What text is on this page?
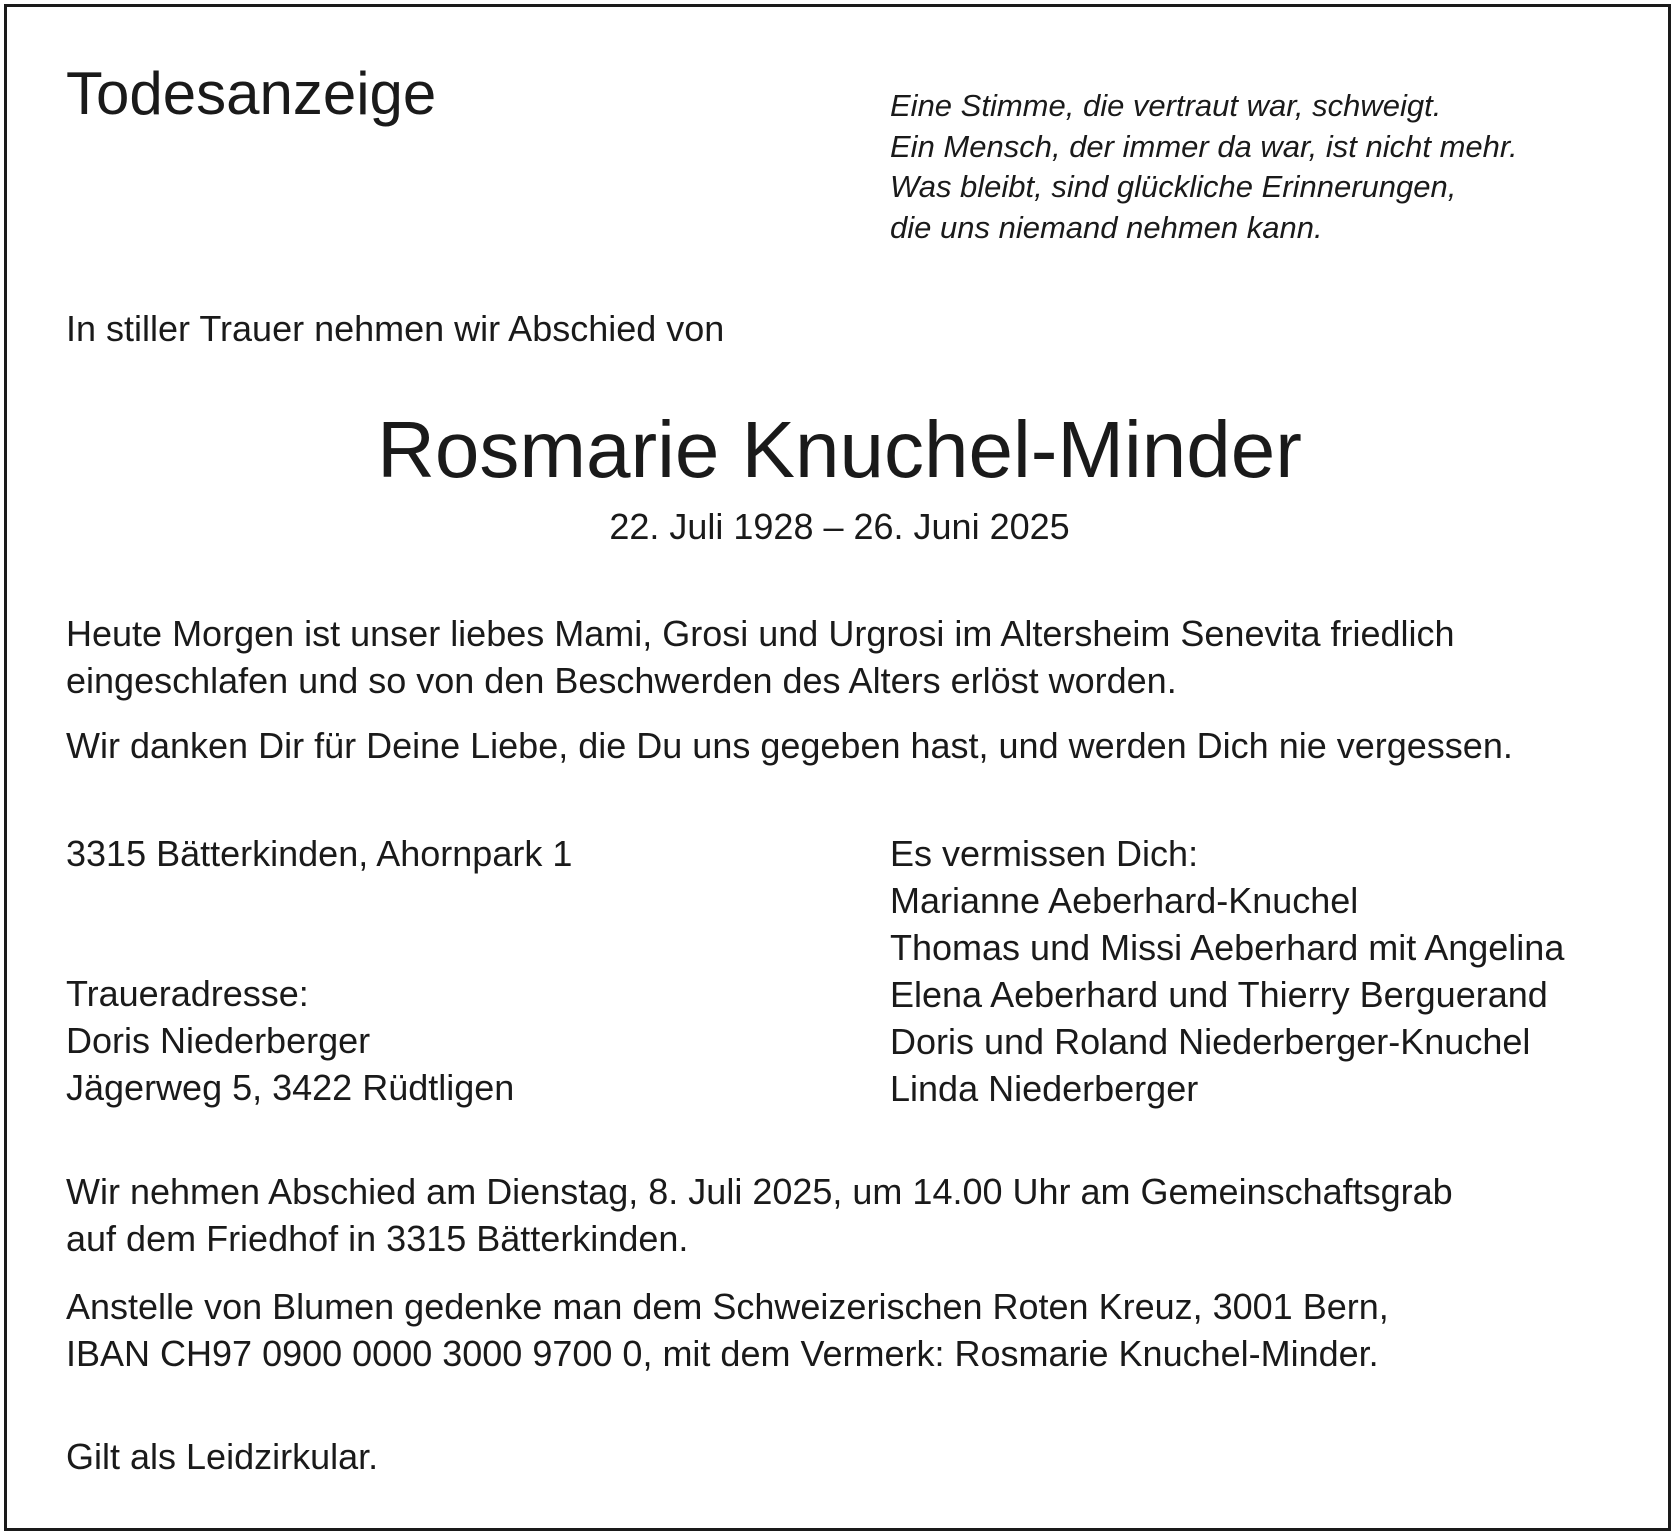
Todesanzeige	Eine Stimme, die vertraut war, schweigt.
Ein Mensch, der immer da war, ist nicht mehr.
Was bleibt, sind glückliche Erinnerungen,
die uns niemand nehmen kann.
In stiller Trauer nehmen wir Abschied von
Rosmarie Knuchel-Minder
22. Juli 1928 – 26. Juni 2025
Heute Morgen ist unser liebes Mami, Grosi und Urgrosi im Altersheim Senevita friedlich
eingeschlafen und so von den Beschwerden des Alters erlöst worden.
Wir danken Dir für Deine Liebe, die Du uns gegeben hast, und werden Dich nie vergessen.
3315 Bätterkinden, Ahornpark 1
Traueradresse:
Doris Niederberger
Jägerweg 5, 3422 Rüdtligen
Es vermissen Dich:
Marianne Aeberhard-Knuchel
Thomas und Missi Aeberhard mit Angelina
Elena Aeberhard und Thierry Berguerand
Doris und Roland Niederberger-Knuchel
Linda Niederberger
Wir nehmen Abschied am Dienstag, 8. Juli 2025, um 14.00 Uhr am Gemeinschaftsgrab
auf dem Friedhof in 3315 Bätterkinden.
Anstelle von Blumen gedenke man dem Schweizerischen Roten Kreuz, 3001 Bern,
IBAN CH97 0900 0000 3000 9700 0, mit dem Vermerk: Rosmarie Knuchel-Minder.
Gilt als Leidzirkular.
